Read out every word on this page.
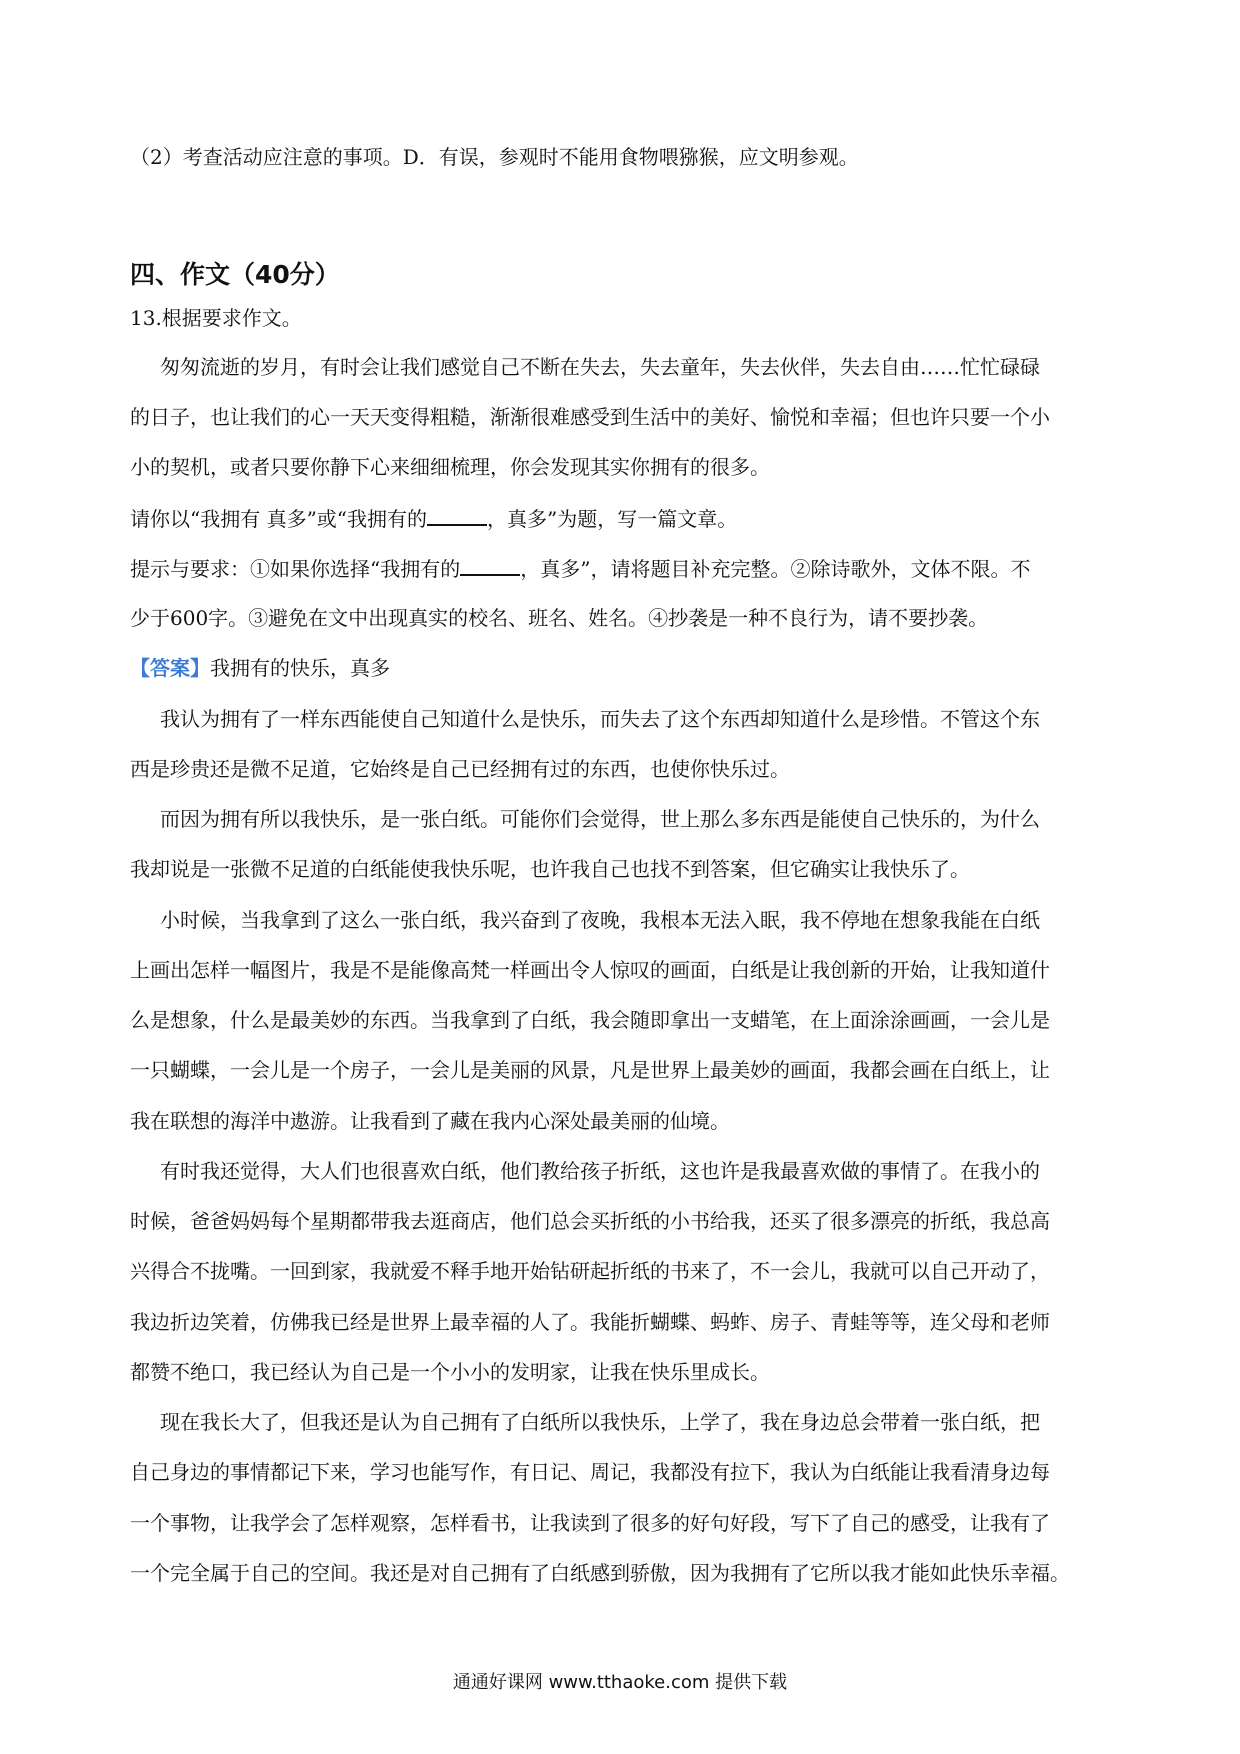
（2）考查活动应注意的事项。D．有误，参观时不能用食物喂猕猴，应文明参观。
四、作文（40分）
13.根据要求作文。
匆匆流逝的岁月，有时会让我们感觉自己不断在失去，失去童年，失去伙伴，失去自由……忙忙碌碌
的日子，也让我们的心一天天变得粗糙，渐渐很难感受到生活中的美好、愉悦和幸福；但也许只要一个小
小的契机，或者只要你静下心来细细梳理，你会发现其实你拥有的很多。
请你以“我拥有 真多”或“我拥有的	，真多”为题，写一篇文章。
提示与要求：①如果你选择“我拥有的	，真多”，请将题目补充完整。②除诗歌外，文体不限。不
少于600字。③避免在文中出现真实的校名、班名、姓名。④抄袭是一种不良行为，请不要抄袭。
【答案】我拥有的快乐，真多
我认为拥有了一样东西能使自己知道什么是快乐，而失去了这个东西却知道什么是珍惜。不管这个东
西是珍贵还是微不足道，它始终是自己已经拥有过的东西，也使你快乐过。
而因为拥有所以我快乐，是一张白纸。可能你们会觉得，世上那么多东西是能使自己快乐的，为什么
我却说是一张微不足道的白纸能使我快乐呢，也许我自己也找不到答案，但它确实让我快乐了。
小时候，当我拿到了这么一张白纸，我兴奋到了夜晚，我根本无法入眠，我不停地在想象我能在白纸
上画出怎样一幅图片，我是不是能像高梵一样画出令人惊叹的画面，白纸是让我创新的开始，让我知道什
么是想象，什么是最美妙的东西。当我拿到了白纸，我会随即拿出一支蜡笔，在上面涂涂画画，一会儿是
一只蝴蝶，一会儿是一个房子，一会儿是美丽的风景，凡是世界上最美妙的画面，我都会画在白纸上，让
我在联想的海洋中遨游。让我看到了藏在我内心深处最美丽的仙境。
有时我还觉得，大人们也很喜欢白纸，他们教给孩子折纸，这也许是我最喜欢做的事情了。在我小的
时候，爸爸妈妈每个星期都带我去逛商店，他们总会买折纸的小书给我，还买了很多漂亮的折纸，我总高
兴得合不拢嘴。一回到家，我就爱不释手地开始钻研起折纸的书来了，不一会儿，我就可以自己开动了，
我边折边笑着，仿佛我已经是世界上最幸福的人了。我能折蝴蝶、蚂蚱、房子、青蛙等等，连父母和老师
都赞不绝口，我已经认为自己是一个小小的发明家，让我在快乐里成长。
现在我长大了，但我还是认为自己拥有了白纸所以我快乐，上学了，我在身边总会带着一张白纸，把
自己身边的事情都记下来，学习也能写作，有日记、周记，我都没有拉下，我认为白纸能让我看清身边每
一个事物，让我学会了怎样观察，怎样看书，让我读到了很多的好句好段，写下了自己的感受，让我有了
一个完全属于自己的空间。我还是对自己拥有了白纸感到骄傲，因为我拥有了它所以我才能如此快乐幸福。
通通好课网 www.tthaoke.com 提供下载
